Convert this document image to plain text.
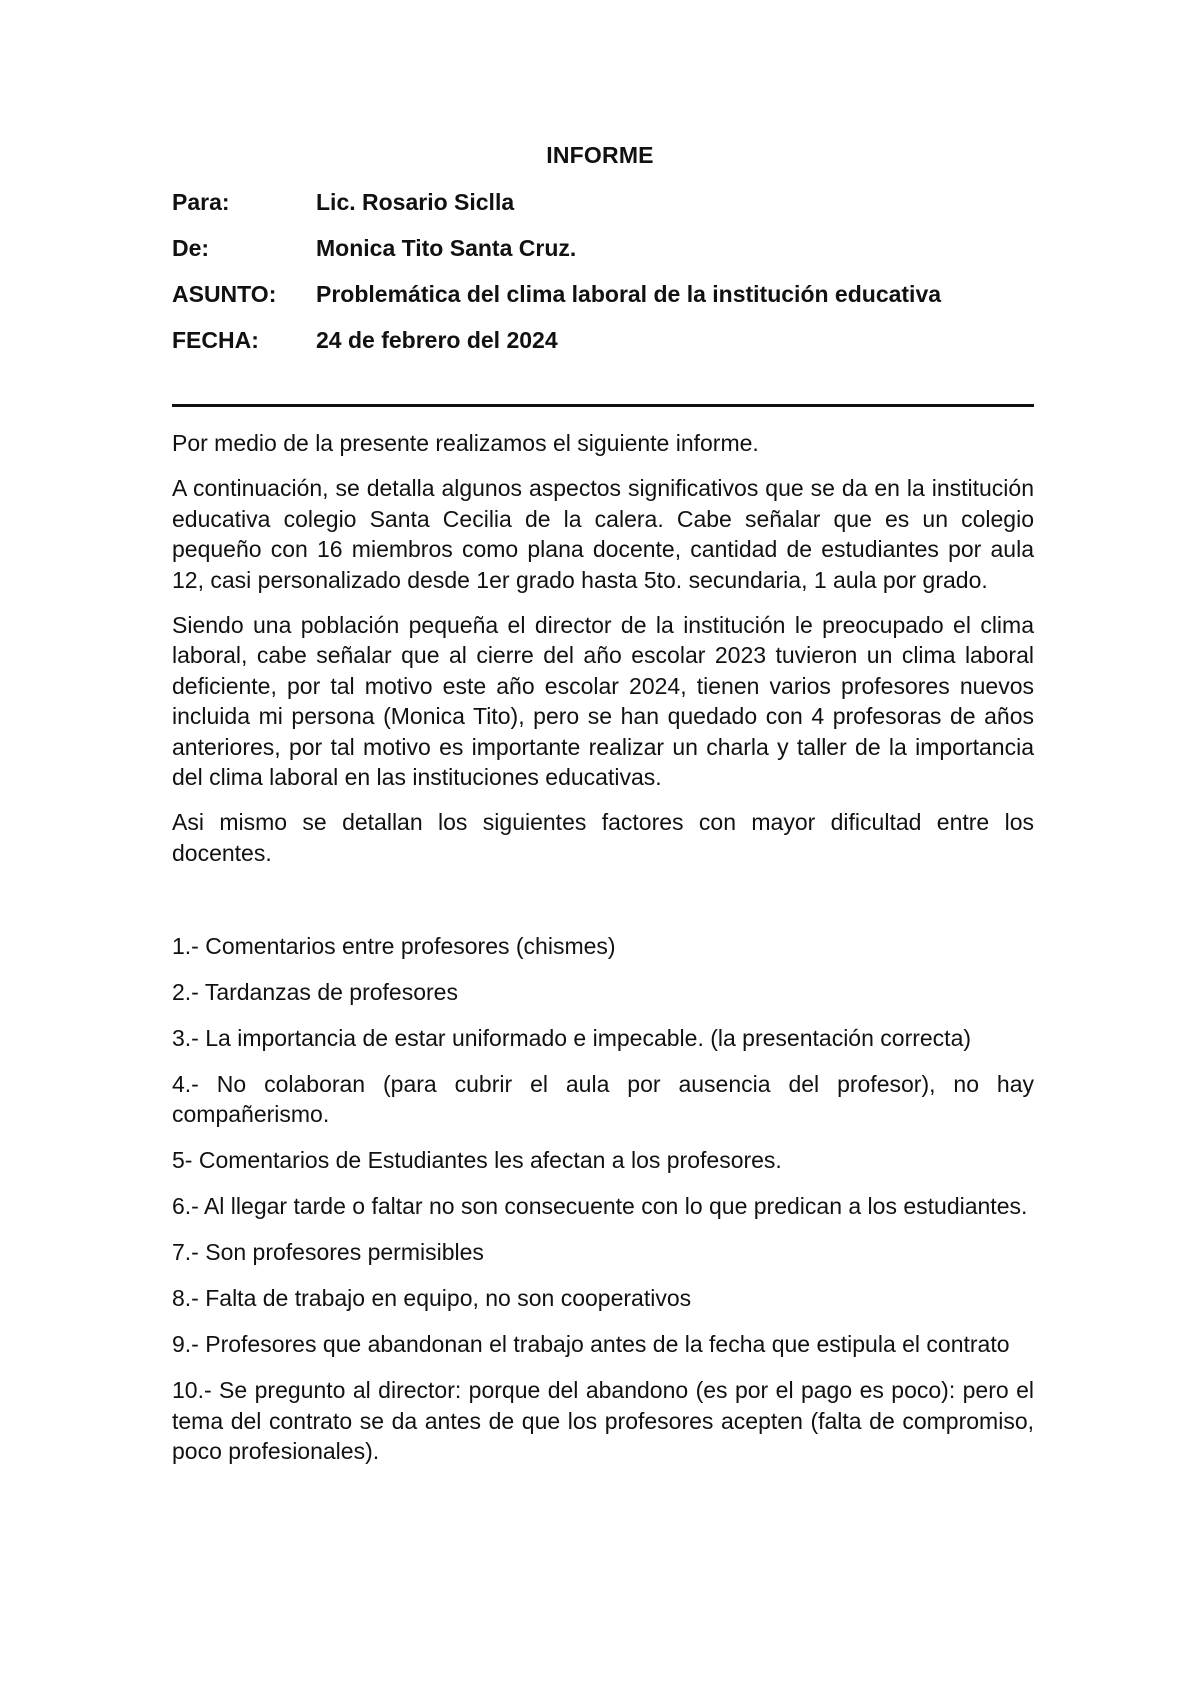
INFORME
Para:	Lic. Rosario Siclla
De:	Monica Tito Santa Cruz.
ASUNTO:	Problemática del clima laboral de la institución educativa
FECHA:	24 de febrero del 2024

Por medio de la presente realizamos el siguiente informe.

A continuación, se detalla algunos aspectos significativos que se da en la institución educativa colegio Santa Cecilia de la calera. Cabe señalar que es un colegio pequeño con 16 miembros como plana docente, cantidad de estudiantes por aula 12, casi personalizado desde 1er grado hasta 5to. secundaria, 1 aula por grado.

Siendo una población pequeña el director de la institución le preocupado el clima laboral, cabe señalar que al cierre del año escolar 2023 tuvieron un clima laboral deficiente, por tal motivo este año escolar 2024, tienen varios profesores nuevos incluida mi persona (Monica Tito), pero se han quedado con 4 profesoras de años anteriores, por tal motivo es importante realizar un charla y taller de la importancia del clima laboral en las instituciones educativas.

Asi mismo se detallan los siguientes factores con mayor dificultad entre los docentes.

1.- Comentarios entre profesores (chismes)

2.- Tardanzas de profesores

3.- La importancia de estar uniformado e impecable. (la presentación correcta)

4.- No colaboran (para cubrir el aula por ausencia del profesor), no hay compañerismo.

5- Comentarios de Estudiantes les afectan a los profesores.

6.- Al llegar tarde o faltar no son consecuente con lo que predican a los estudiantes.

7.- Son profesores permisibles

8.- Falta de trabajo en equipo, no son cooperativos

9.- Profesores que abandonan el trabajo antes de la fecha que estipula el contrato

10.- Se pregunto al director: porque del abandono (es por el pago es poco): pero el tema del contrato se da antes de que los profesores acepten (falta de compromiso, poco profesionales).
